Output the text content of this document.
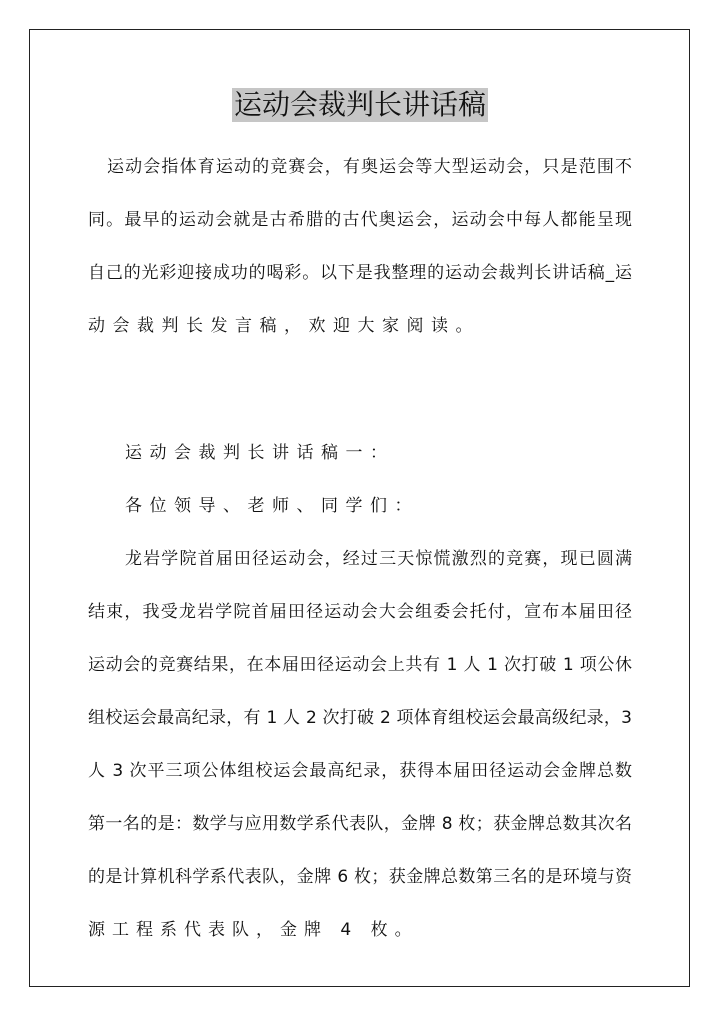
运动会裁判长讲话稿
运动会指体育运动的竞赛会，有奥运会等大型运动会，只是范围不
同。最早的运动会就是古希腊的古代奥运会，运动会中每人都能呈现
自己的光彩迎接成功的喝彩。以下是我整理的运动会裁判长讲话稿_运
动会裁判长发言稿，欢迎大家阅读。
运动会裁判长讲话稿一：
各位领导、老师、同学们：
龙岩学院首届田径运动会，经过三天惊慌激烈的竞赛，现已圆满
结束，我受龙岩学院首届田径运动会大会组委会托付，宣布本届田径
运动会的竞赛结果，在本届田径运动会上共有 1 人 1 次打破 1 项公休
组校运会最高纪录，有 1 人 2 次打破 2 项体育组校运会最高级纪录，3
人 3 次平三项公体组校运会最高纪录，获得本届田径运动会金牌总数
第一名的是：数学与应用数学系代表队，金牌 8 枚；获金牌总数其次名
的是计算机科学系代表队，金牌 6 枚；获金牌总数第三名的是环境与资
源工程系代表队，金牌 4 枚。
